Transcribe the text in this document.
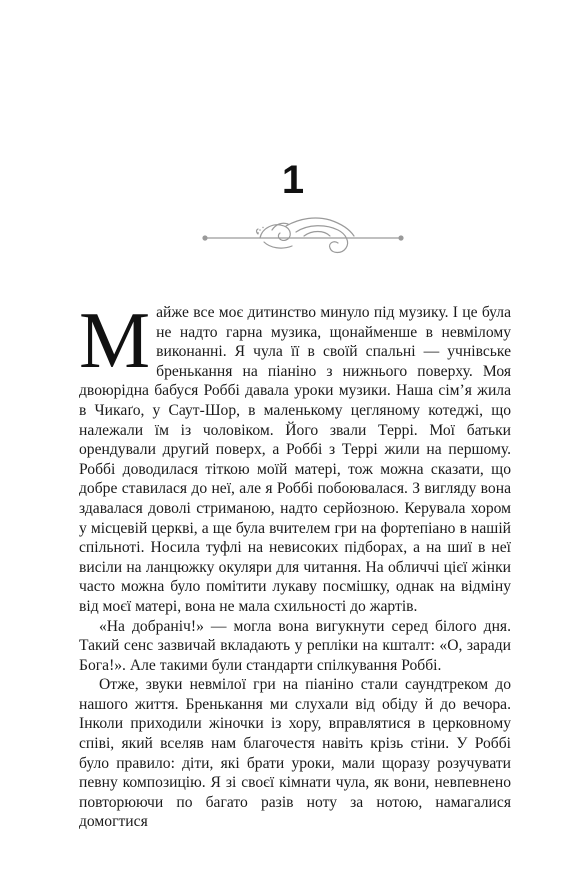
1

Майже все моє дитинство минуло під музику. І це була не надто гарна музика, щонайменше в невмілому виконанні. Я чула її в своїй спальні — учнівське бренькання на піаніно з нижнього поверху. Моя двоюрідна бабуся Роббі давала уроки музики. Наша сім’я жила в Чикаґо, у Саут-Шор, в маленькому цегляному котеджі, що належали їм із чоловіком. Його звали Террі. Мої батьки орендували другий поверх, а Роббі з Террі жили на першому. Роббі доводилася тіткою моїй матері, тож можна сказати, що добре ставилася до неї, але я Роббі побоювалася. З вигляду вона здавалася доволі стриманою, надто серйозною. Керувала хором у місцевій церкві, а ще була вчителем гри на фортепіано в нашій спільноті. Носила туфлі на невисоких підборах, а на шиї в неї висіли на ланцюжку окуляри для читання. На обличчі цієї жінки часто можна було помітити лукаву посмішку, однак на відміну від моєї матері, вона не мала схильності до жартів.

«На добраніч!» — могла вона вигукнути серед білого дня. Такий сенс зазвичай вкладають у репліки на кшталт: «О, заради Бога!». Але такими були стандарти спілкування Роббі.

Отже, звуки невмілої гри на піаніно стали саундтреком до нашого життя. Бренькання ми слухали від обіду й до вечора. Інколи приходили жіночки із хору, вправлятися в церковному співі, який вселяв нам благочестя навіть крізь стіни. У Роббі було правило: діти, які брати уроки, мали щоразу розучувати певну композицію. Я зі своєї кімнати чула, як вони, невпевнено повторюючи по багато разів ноту за нотою, намагалися домогтися
